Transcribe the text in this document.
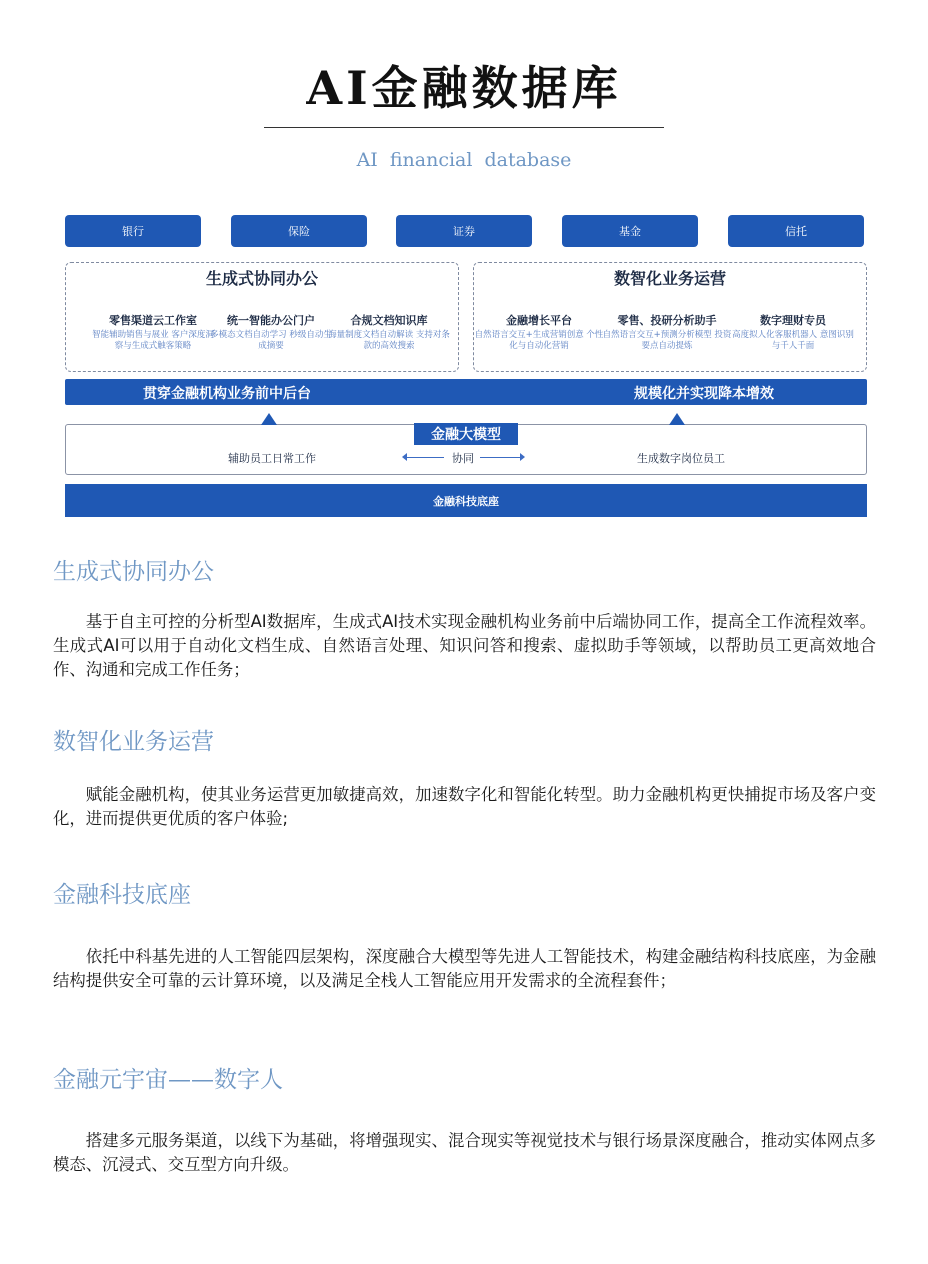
AI金融数据库
AI financial database
银行	保险	证券	基金	信托
生成式协同办公
零售渠道云工作室
智能辅助销售与展业 客户深度洞察与生成式触客策略
统一智能办公门户
多模态文档自动学习 秒级自动生成摘要
合规文档知识库
海量制度文档自动解读 支持对条款的高效搜索
数智化业务运营
金融增长平台
自然语言交互+生成营销创意 个性化与自动化营销
零售、投研分析助手
自然语言交互+预测分析模型 投资要点自动提炼
数字理财专员
高度拟人化客服机器人 意图识别与千人千面
贯穿金融机构业务前中后台	规模化并实现降本增效
金融大模型
辅助员工日常工作	协同	生成数字岗位员工
金融科技底座
生成式协同办公
基于自主可控的分析型AI数据库，生成式AI技术实现金融机构业务前中后端协同工作，提高全工作流程效率。生成式AI可以用于自动化文档生成、自然语言处理、知识问答和搜索、虚拟助手等领域，以帮助员工更高效地合作、沟通和完成工作任务；
数智化业务运营
赋能金融机构，使其业务运营更加敏捷高效，加速数字化和智能化转型。助力金融机构更快捕捉市场及客户变化，进而提供更优质的客户体验;
金融科技底座
依托中科基先进的人工智能四层架构，深度融合大模型等先进人工智能技术，构建金融结构科技底座，为金融结构提供安全可靠的云计算环境，以及满足全栈人工智能应用开发需求的全流程套件；
金融元宇宙——数字人
搭建多元服务渠道，以线下为基础，将增强现实、混合现实等视觉技术与银行场景深度融合，推动实体网点多模态、沉浸式、交互型方向升级。
